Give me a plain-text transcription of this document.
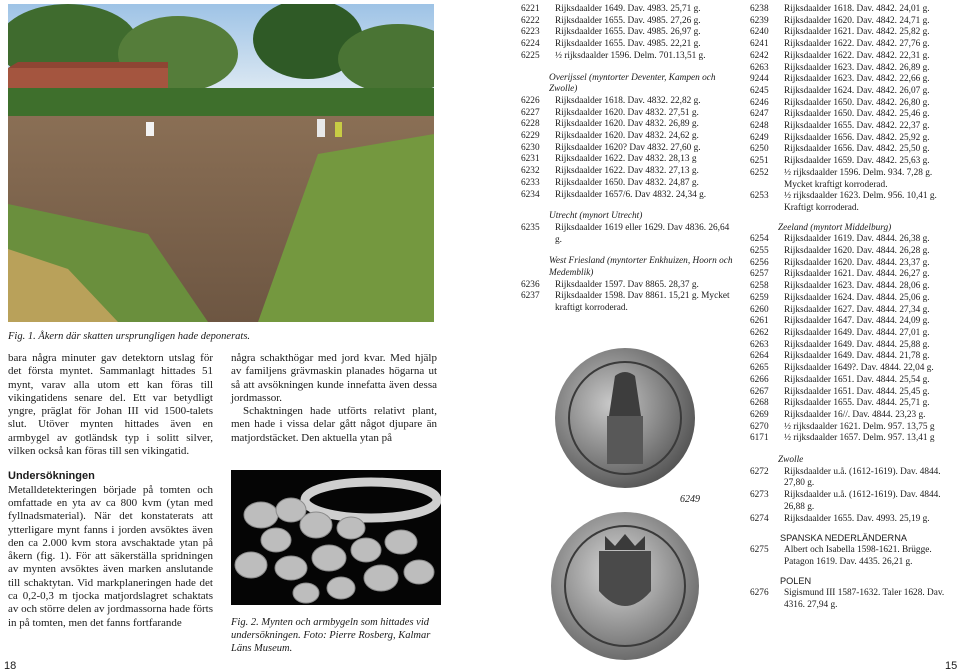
Fig. 1. Åkern där skatten ursprungligen hade deponerats.

bara några minuter gav detektorn utslag för det första myntet. Sammanlagt hittades 51 mynt, varav alla utom ett kan föras till vikingatidens senare del. Ett var betydligt yngre, präglat för Johan III vid 1500-talets slut. Utöver mynten hittades även en armbygel av gotländsk typ i solitt silver, vilken också kan föras till sen vikingatid.

Undersökningen

Metalldetekteringen började på tomten och omfattade en yta av ca 800 kvm (ytan med fyllnadsmaterial). När det konstaterats att ytterligare mynt fanns i jorden avsöktes även den ca 2.000 kvm stora avschaktade ytan på åkern (fig. 1). För att säkerställa spridningen av mynten avsöktes även marken anslutande till schaktytan. Vid markplaneringen hade det ca 0,2-0,3 m tjocka matjordslagret schaktats av och större delen av jordmassorna hade förts in på tomten, men det fanns fortfarande

några schakthögar med jord kvar. Med hjälp av familjens grävmaskin planades högarna ut så att avsökningen kunde innefatta även dessa jordmassor.

Schaktningen hade utförts relativt plant, men hade i vissa delar gått något djupare än matjordstäcket. Den aktuella ytan på

Fig. 2. Mynten och armbygeln som hittades vid undersökningen. Foto: Pierre Rosberg, Kalmar Läns Museum.
18
6221	Rijksdaalder 1649. Dav. 4983. 25,71 g.
6222	Rijksdaalder 1655. Dav. 4985. 27,26 g.
6223	Rijksdaalder 1655. Dav. 4985. 26,97 g.
6224	Rijksdaalder 1655. Dav. 4985. 22,21 g.
6225	½ rijksdaalder 1596. Delm. 701.13,51 g.
Overijssel (myntorter Deventer, Kampen och Zwolle)
6226	Rijksdaalder 1618. Dav. 4832. 22,82 g.
6227	Rijksdaalder 1620. Dav 4832. 27,51 g.
6228	Rijksdaalder 1620. Dav 4832. 26,89 g.
6229	Rijksdaalder 1620. Dav 4832. 24,62 g.
6230	Rijksdaalder 1620? Dav 4832. 27,60 g.
6231	Rijksdaalder 1622. Dav 4832. 28,13 g
6232	Rijksdaalder 1622. Dav 4832. 27,13 g.
6233	Rijksdaalder 1650. Dav 4832. 24,87 g.
6234	Rijksdaalder 1657/6. Dav 4832. 24,34 g.
Utrecht (mynort Utrecht)
6235	Rijksdaalder 1619 eller 1629. Dav 4836. 26,64 g.
West Friesland (myntorter Enkhuizen, Hoorn och Medemblik)
6236	Rijksdaalder 1597. Dav 8865. 28,37 g.
6237	Rijksdaalder 1598. Dav 8861. 15,21 g. Mycket kraftigt korroderad.
6249
6238	Rijksdaalder 1618. Dav. 4842. 24,01 g.
6239	Rijksdaalder 1620. Dav. 4842. 24,71 g.
6240	Rijksdaalder 1621. Dav. 4842. 25,82 g.
6241	Rijksdaalder 1622. Dav. 4842. 27,76 g.
6242	Rijksdaalder 1622. Dav. 4842. 22,31 g.
6263	Rijksdaalder 1623. Dav. 4842. 26,89 g.
9244	Rijksdaalder 1623. Dav. 4842. 22,66 g.
6245	Rijksdaalder 1624. Dav. 4842. 26,07 g.
6246	Rijksdaalder 1650. Dav. 4842. 26,80 g.
6247	Rijksdaalder 1650. Dav. 4842. 25,46 g.
6248	Rijksdaalder 1655. Dav. 4842. 22,37 g.
6249	Rijksdaalder 1656. Dav. 4842. 25,92 g.
6250	Rijksdaalder 1656. Dav. 4842. 25,50 g.
6251	Rijksdaalder 1659. Dav. 4842. 25,63 g.
6252	½ rijksdaalder 1596. Delm. 934. 7,28 g. Mycket kraftigt korroderad.
6253	½ rijksdaalder 1623. Delm. 956. 10,41 g. Kraftigt korroderad.
Zeeland (myntort Middelburg)
6254	Rijksdaalder 1619. Dav. 4844. 26,38 g.
6255	Rijksdaalder 1620. Dav. 4844. 26,28 g.
6256	Rijksdaalder 1620. Dav. 4844. 23,37 g.
6257	Rijksdaalder 1621. Dav. 4844. 26,27 g.
6258	Rijksdaalder 1623. Dav. 4844. 28,06 g.
6259	Rijksdaalder 1624. Dav. 4844. 25,06 g.
6260	Rijksdaalder 1627. Dav. 4844. 27,34 g.
6261	Rijksdaalder 1647. Dav. 4844. 24,09 g.
6262	Rijksdaalder 1649. Dav. 4844. 27,01 g.
6263	Rijksdaalder 1649. Dav. 4844. 25,88 g.
6264	Rijksdaalder 1649. Dav. 4844. 21,78 g.
6265	Rijksdaalder 1649?. Dav. 4844. 22,04 g.
6266	Rijksdaalder 1651. Dav. 4844. 25,54 g.
6267	Rijksdaalder 1651. Dav. 4844. 25,45 g.
6268	Rijksdaalder 1655. Dav. 4844. 25,71 g.
6269	Rijksdaalder 16//. Dav. 4844. 23,23 g.
6270	½ rijksdaalder 1621. Delm. 957. 13,75 g
6171	½ rijksdaalder 1657. Delm. 957. 13,41 g
Zwolle
6272	Rijksdaalder u.å. (1612-1619). Dav. 4844. 27,80 g.
6273	Rijksdaalder u.å. (1612-1619). Dav. 4844. 26,88 g.
6274	Rijksdaalder 1655. Dav. 4993. 25,19 g.
SPANSKA NEDERLÄNDERNA
6275	Albert och Isabella 1598-1621. Brügge. Patagon 1619. Dav. 4435. 26,21 g.
POLEN
6276	Sigismund III 1587-1632. Taler 1628. Dav. 4316. 27,94 g.
15
